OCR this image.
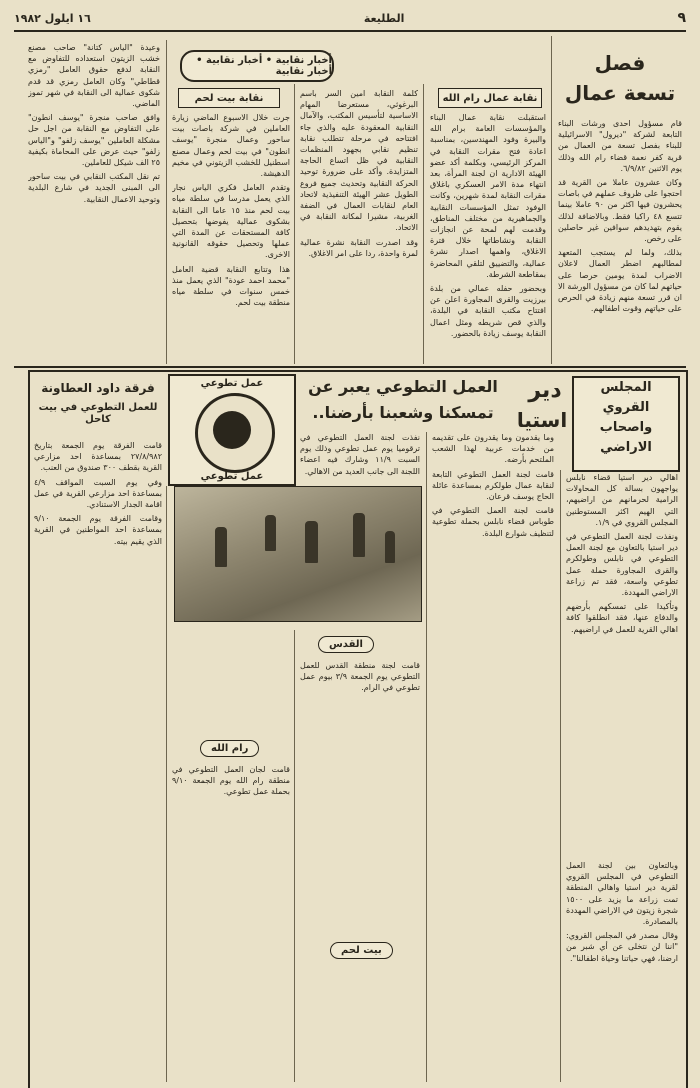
٩
الطليعة
١٦ ايلول ١٩٨٢
أخبار نقابية • أخبار نقابية • أخبار نقابية	فصل
تسعة عمال

قام مسؤول احدى ورشات البناء التابعة لشركة "ديرول" الاسرائيلية للبناء بفصل تسعة من العمال من قرية كفر نعمة قضاء رام الله وذلك يوم الاثنين ٦/٩/٨٢.

وكان عشرون عاملا من القرية قد احتجوا على ظروف عملهم في باصات يحشرون فيها اكثر من ٩٠ عاملا بينما تتسع ٤٨ راكبا فقط. وبالاضافة لذلك يقوم بتهديدهم سوافين غير حاصلين على رخص.

بذلك، ولما لم يستجب المتعهد لمطالبهم اضطر العمال لاعلان الاضراب لمدة يومين حرصا على حياتهم لما كان من مسؤول الورشة الا ان قرر تسعة منهم زيادة في الحرص على حياتهم وقوت اطفالهم.

نقابة عمال رام الله

استقبلت نقابة عمال البناء والمؤسسات العامة برام الله والبيرة وفود المهندسين، بمناسبة اعادة فتح مقرات النقابة في المركز الرئيسي، وبكلمة أكد عضو الهيئة الادارية ان لجنة المرأة، بعد انتهاء مدة الامر العسكري باغلاق مقرات النقابة لمدة شهرين، وكانت الوفود تمثل المؤسسات النقابية والجماهيرية من مختلف المناطق، وقدمت لهم لمحة عن انجازات النقابة ونشاطاتها خلال فترة الاغلاق، واهمها اصدار نشرة عمالية، والتضييق لتلقي المحاضرة بمقاطعة الشرطة.

وبحضور حفله عمالي من بلدة بيرزيت والقرى المجاورة اعلن عن افتتاح مكتب النقابة في البلدة، والذي قص شريطه ومثل اعمال النقابة يوسف زيادة بالحضور.

كلمة النقابة امين السر باسم البرغوثي، مستعرضا المهام الاساسية لتأسيس المكتب، والآمال النقابية المعقودة عليه والذي جاء افتتاحه في مرحلة تتطلب نقابة تنظيم نقابي بجهود المنظمات النقابية في ظل اتساع الحاجة المتزايدة. وأكد على ضرورة توحيد الحركة النقابية وتحديث جميع فروع الطويل عشر الهيئة التنفيذية لاتحاد العام لنقابات العمال في الضفة الغربية، مشيرا لمكانة النقابة في الاتحاد.

وقد اصدرت النقابة نشرة عمالية لمرة واحدة، ردا على امر الاغلاق.

نقابة بيت لحم

جرت خلال الاسبوع الماضي زيارة العاملين في شركة باصات بيت ساحور وعمال منجرة "يوسف انطون" في بيت لحم وعمال مصنع اسطنيل للخشب الزيتوني في مخيم الدهيشة.

وتقدم العامل فكري الياس نجار الذي يعمل مدرسا في سلطة مياه بيت لحم منذ ١٥ عاما الى النقابة بشكوى عمالية يفوضها بتحصيل كافة المستحقات عن المدة التي عملها وتحصيل حقوقه القانونية الاخرى.

هذا وتتابع النقابة قضية العامل "محمد احمد عودة" الذي يعمل منذ خمس سنوات في سلطة مياه منطقة بيت لحم.

وعيدة "الياس كتانة" صاحب مصنع خشب الزيتون استعداده للتفاوض مع النقابة لدفع حقوق العامل "رمزي قطاطي" وكان العامل رمزي قد قدم شكوى عمالية الى النقابة في شهر تموز الماضي.

وافق صاحب منجرة "يوسف انطون" على التفاوض مع النقابة من اجل حل مشكلة العاملين "يوسف زلفو" و"الياس زلفو" حيث عرض على المحاماة بكيفية ٢٥ الف شيكل للعاملين.

تم نقل المكتب النقابي في بيت ساحور الى المبنى الجديد في شارع البلدية وتوحيد الاعمال النقابية.

المجلس
القروي
واصحاب
الاراضي
دير
استيا
العمل التطوعي يعبر عن
تمسكنا وشعبنا بأرضنا..
عمل تطوعي
عمل تطوعي
فرقة داود العطاونة
للعمل التطوعي في بيت كاحل

اهالي دير استيا قضاء نابلس يواجهون بسالة كل المحاولات الرامية لحرمانهم من اراضيهم، التي الهيم اكثر المستوطنين المجلس القروي في ١/٩.

ونفذت لجنة العمل التطوعي في دير استيا بالتعاون مع لجنة العمل التطوعي في نابلس وطولكرم والقرى المجاورة حملة عمل تطوعي واسعة، فقد تم زراعة الاراضي المهددة.

وتأكيدا على تمسكهم بأرضهم والدفاع عنها، فقد انطلقوا كافة اهالي القرية للعمل في اراضيهم.

وما يقدمون وما يقدرون على تقديمه من خدمات عربية لهذا الشعب الملتحم بأرضه.

قامت لجنة العمل التطوعي التابعة لنقابة عمال طولكرم بمساعدة عائلة الحاج يوسف قرعان.

قامت لجنة العمل التطوعي في طوباس قضاء نابلس بحملة تطوعية لتنظيف شوارع البلدة.

نفذت لجنة العمل التطوعي في ترقوميا يوم عمل تطوعي وذلك يوم السبت ١١/٩ وشارك فيه اعضاء اللجنة الى جانب العديد من الاهالي.

القدس

قامت لجنة منطقة القدس للعمل التطوعي يوم الجمعة ٣/٩ بيوم عمل تطوعي في الرام.

رام الله

قامت لجان العمل التطوعي في منطقة رام الله يوم الجمعة ٩/١٠ بحملة عمل تطوعي.

بيت لحم

قامت الفرقة يوم الجمعة بتاريخ ٢٧/٨/٩٨٢ بمساعدة احد مزارعي القرية بقطف ٣٠٠ صندوق من العنب.

وفي يوم السبت المواقف ٤/٩ بمساعدة احد مزارعي القرية في عمل اقامة الجدار الاستنادي.

وقامت الفرقة يوم الجمعة ٩/١٠ بمساعدة احد المواطنين في القرية الذي يقيم بيته.

وبالتعاون بين لجنة العمل التطوعي في المجلس القروي لقرية دير استيا واهالي المنطقة تمت زراعة ما يزيد على ١٥٠٠ شجرة زيتون في الاراضي المهددة بالمصادرة.

وقال مصدر في المجلس القروي: "اننا لن نتخلى عن أي شبر من ارضنا، فهي حياتنا وحياة اطفالنا".
